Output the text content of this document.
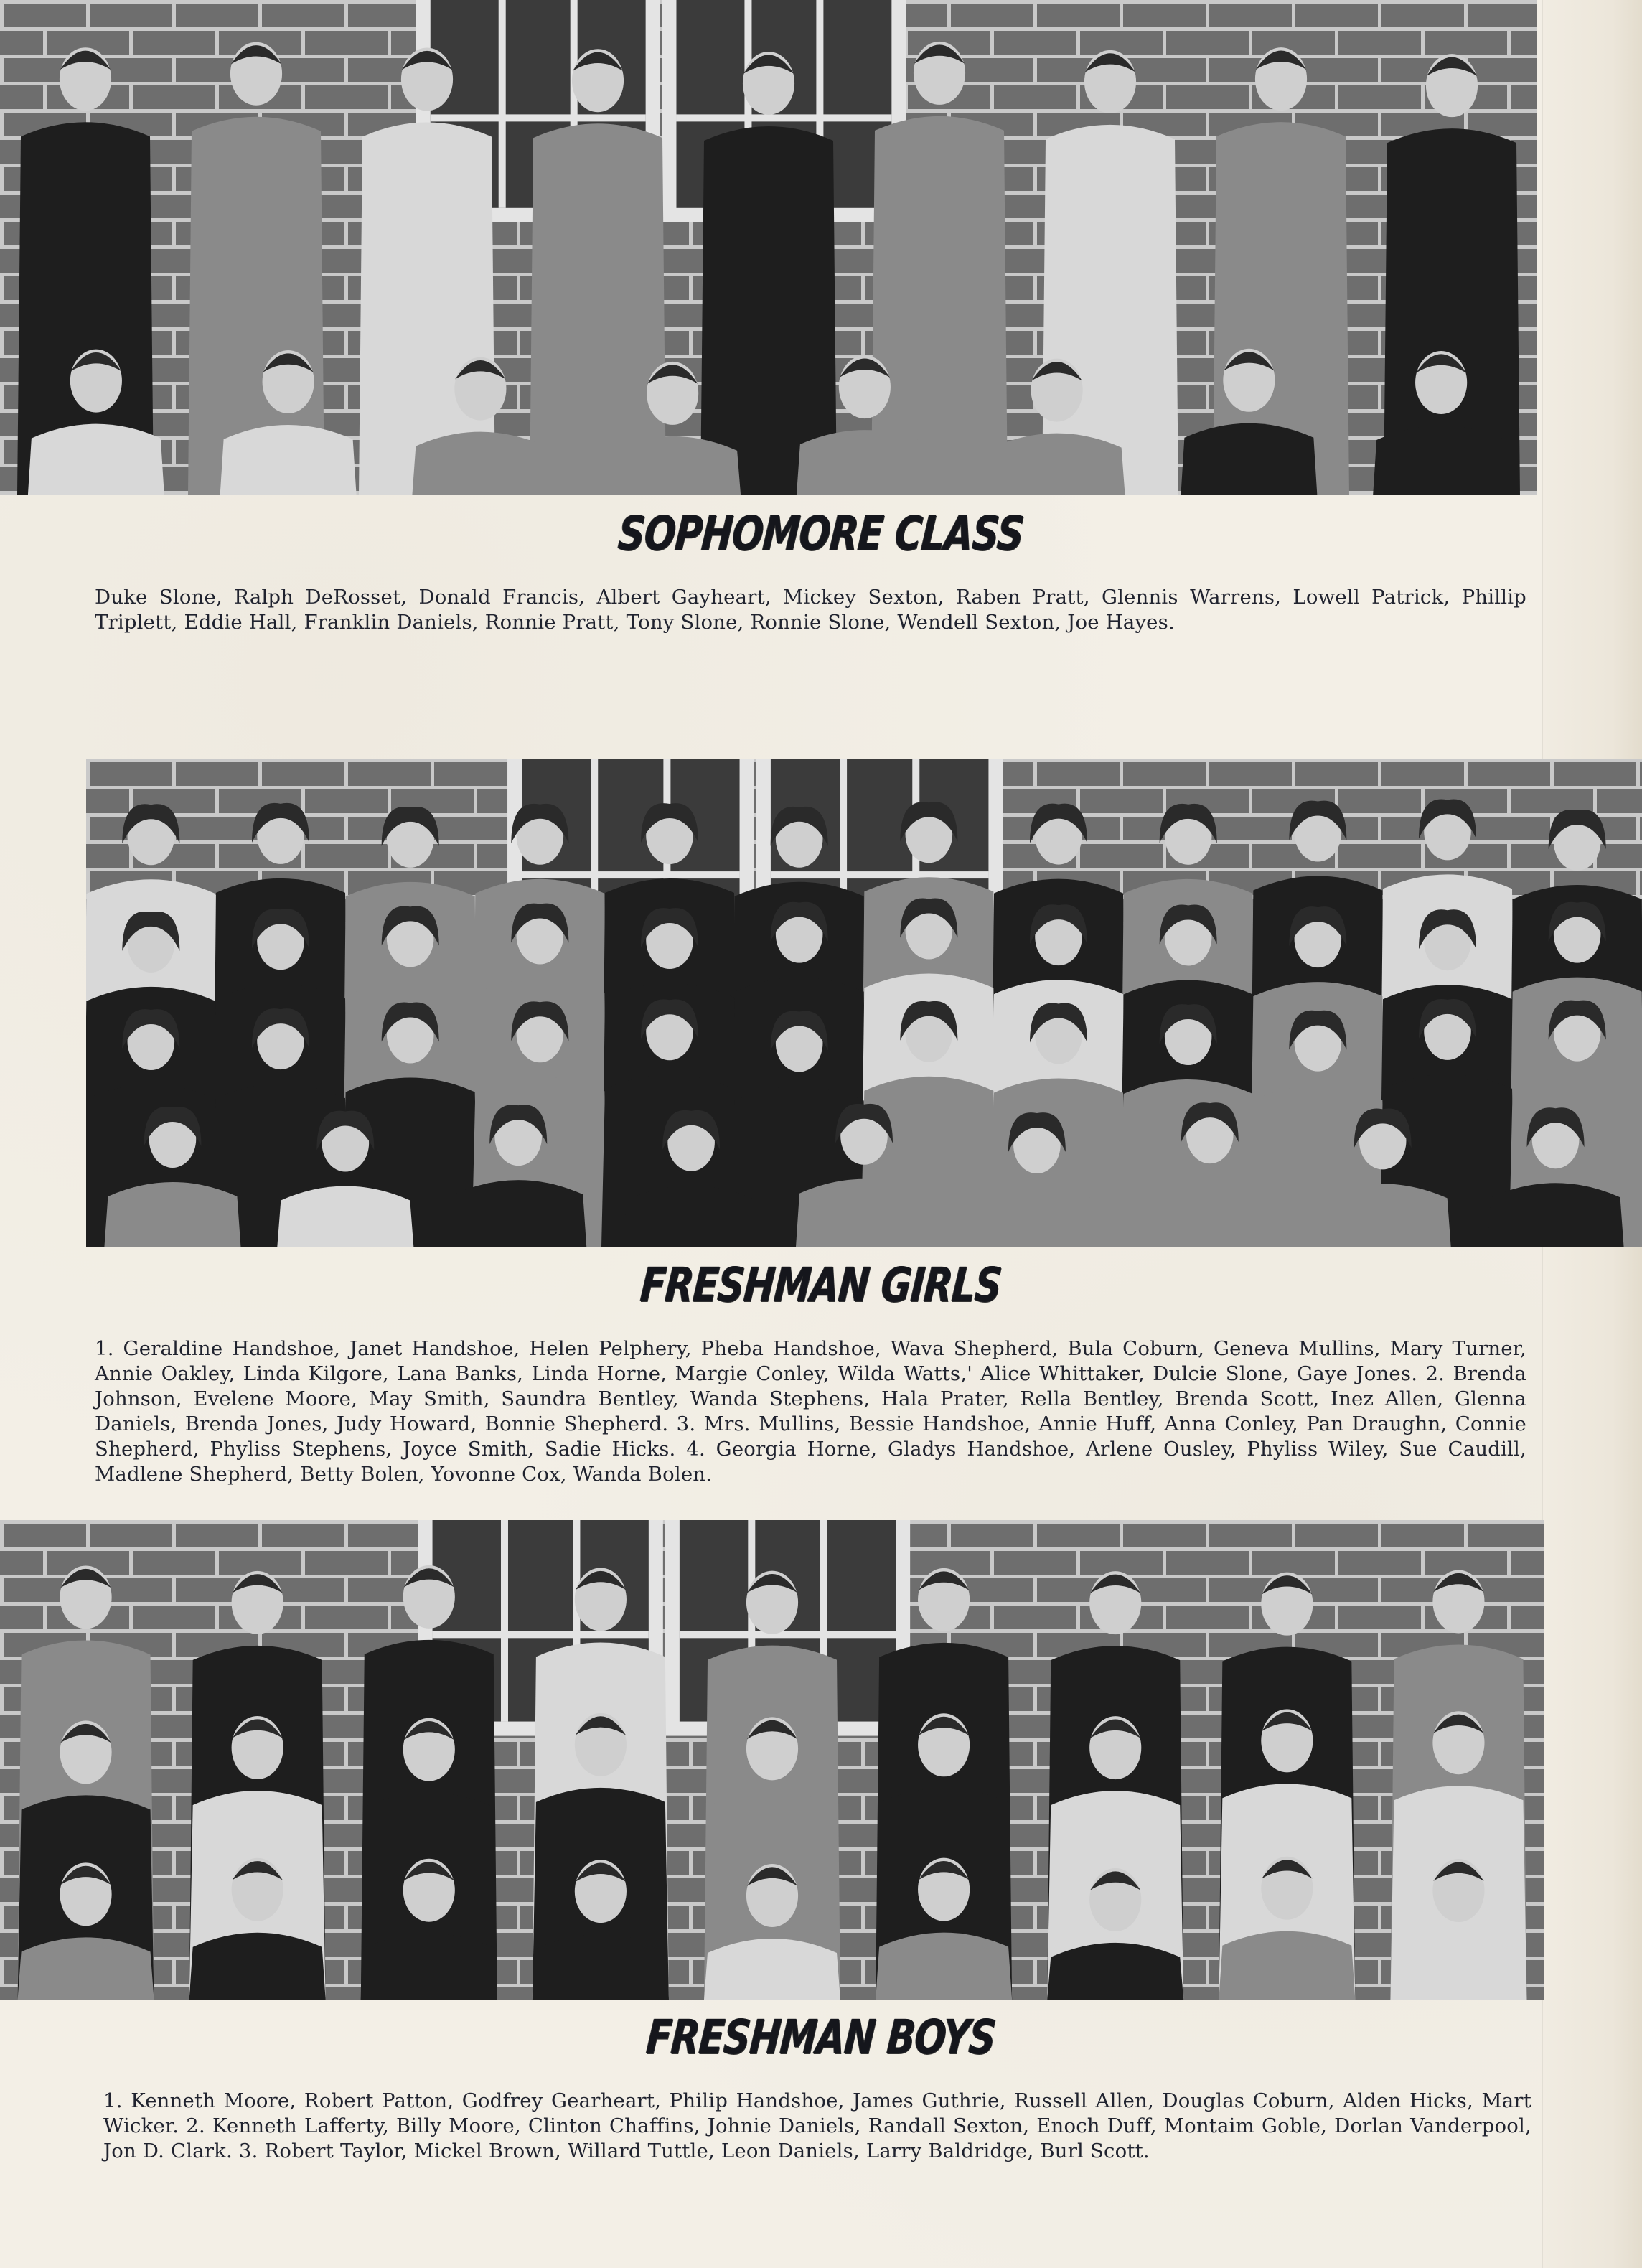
SOPHOMORE CLASS
Duke Slone, Ralph DeRosset, Donald Francis, Albert Gayheart, Mickey Sexton, Raben Pratt, Glennis Warrens, Lowell Patrick, Phillip Triplett, Eddie Hall, Franklin Daniels, Ronnie Pratt, Tony Slone, Ronnie Slone, Wendell Sexton, Joe Hayes.
FRESHMAN GIRLS
1. Geraldine Handshoe, Janet Handshoe, Helen Pelphery, Pheba Handshoe, Wava Shepherd, Bula Coburn, Geneva Mullins, Mary Turner, Annie Oakley, Linda Kilgore, Lana Banks, Linda Horne, Margie Conley, Wilda Watts,' Alice Whittaker, Dulcie Slone, Gaye Jones. 2. Brenda Johnson, Evelene Moore, May Smith, Saundra Bentley, Wanda Stephens, Hala Prater, Rella Bentley, Brenda Scott, Inez Allen, Glenna Daniels, Brenda Jones, Judy Howard, Bonnie Shepherd. 3. Mrs. Mullins, Bessie Handshoe, Annie Huff, Anna Conley, Pan Draughn, Connie Shepherd, Phyliss Stephens, Joyce Smith, Sadie Hicks. 4. Georgia Horne, Gladys Handshoe, Arlene Ousley, Phyliss Wiley, Sue Caudill, Madlene Shepherd, Betty Bolen, Yovonne Cox, Wanda Bolen.
FRESHMAN BOYS
1. Kenneth Moore, Robert Patton, Godfrey Gearheart, Philip Handshoe, James Guthrie, Russell Allen, Douglas Coburn, Alden Hicks, Mart Wicker. 2. Kenneth Lafferty, Billy Moore, Clinton Chaffins, Johnie Daniels, Randall Sexton, Enoch Duff, Montaim Goble, Dorlan Vanderpool, Jon D. Clark. 3. Robert Taylor, Mickel Brown, Willard Tuttle, Leon Daniels, Larry Baldridge, Burl Scott.
